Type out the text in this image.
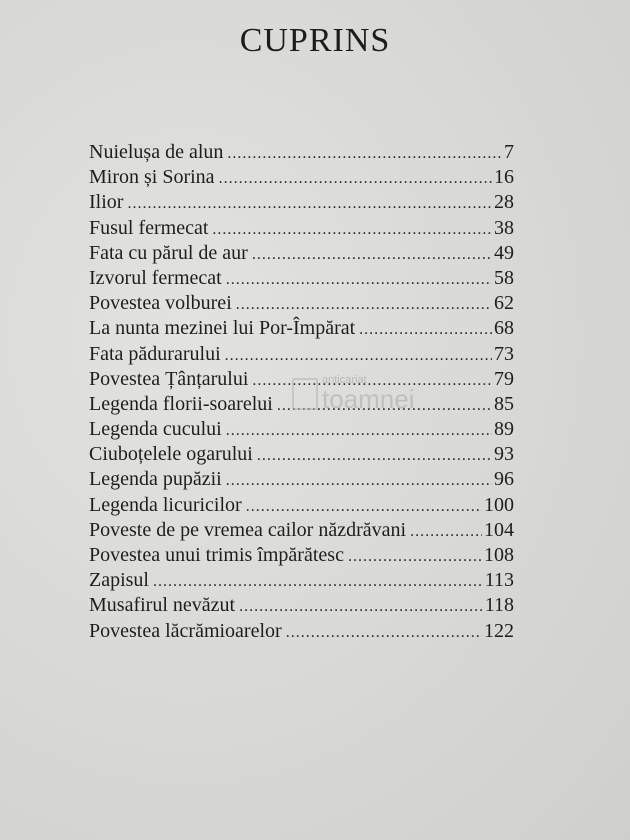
CUPRINS
Nuielușa de alun .....	7
Miron și Sorina .....	16
Ilior .....	28
Fusul fermecat .....	38
Fata cu părul de aur .....	49
Izvorul fermecat .....	58
Povestea volburei .....	62
La nunta mezinei lui Por-Împărat .....	68
Fata pădurarului .....	73
Povestea Țânțarului .....	79
Legenda florii-soarelui .....	85
Legenda cucului .....	89
Ciuboțelele ogarului .....	93
Legenda pupăzii .....	96
Legenda licuricilor .....	100
Poveste de pe vremea cailor năzdrăvani .....	104
Povestea unui trimis împărătesc .....	108
Zapisul .....	113
Musafirul nevăzut .....	118
Povestea lăcrămioarelor .....	122
anticariat
toamnei
